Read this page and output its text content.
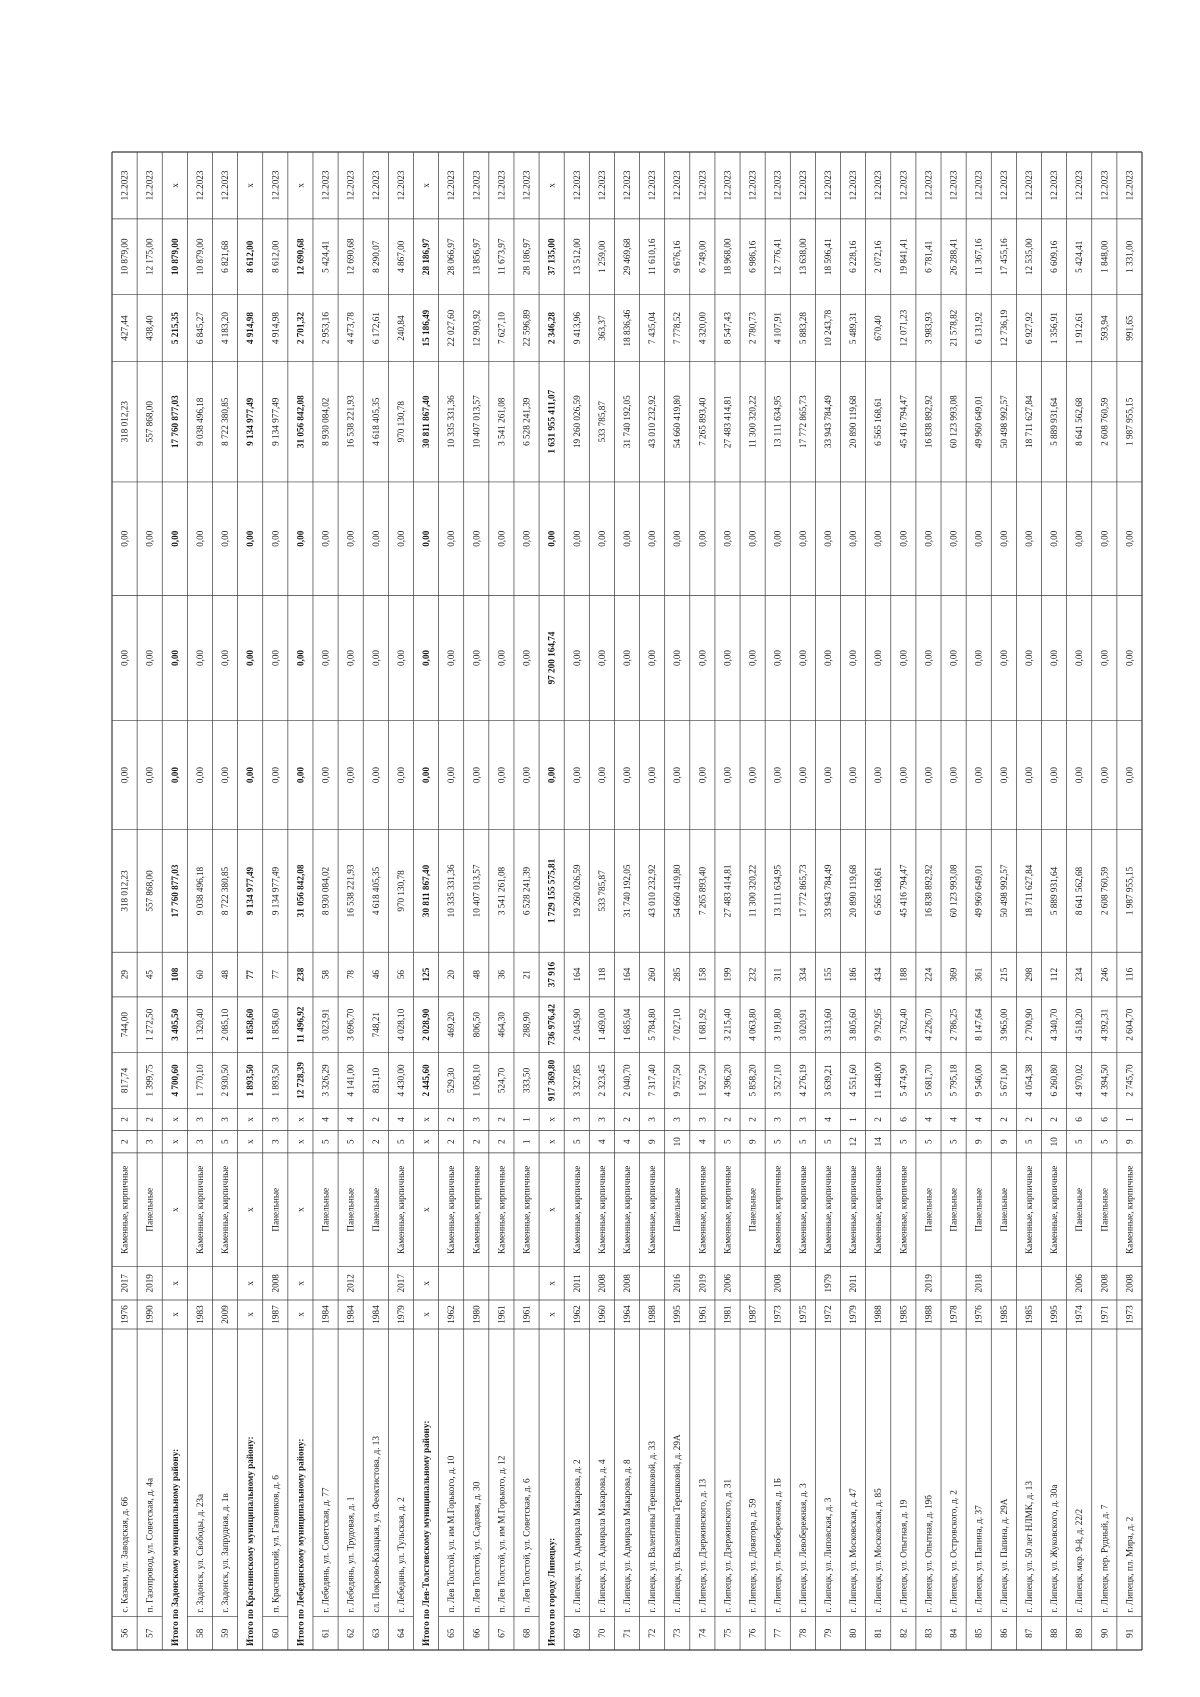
56
с. Казаки, ул. Заводская, д. 66
1976
2017
Каменные, кирпичные
2
2
817,74
744,00
29
318 012,23
0,00
0,00
0,00
318 012,23
427,44
10 879,00
12.2023
57
п. Газопровод, ул. Советская, д. 4а
1990
2019
Панельные
3
2
1 399,75
1 272,50
45
557 868,00
0,00
0,00
0,00
557 868,00
438,40
12 175,00
12.2023
Итого по Задонскому муниципальному району:
x
x
x
x
x
4 700,60
3 405,50
108
17 760 877,03
0,00
0,00
0,00
17 760 877,03
5 215,35
10 879,00
x
58
г. Задонск, ул. Свободы, д. 23а
1983
Каменные, кирпичные
3
3
1 770,10
1 320,40
60
9 038 496,18
0,00
0,00
0,00
9 038 496,18
6 845,27
10 879,00
12.2023
59
г. Задонск, ул. Запрудная, д. 1в
2009
Каменные, кирпичные
5
3
2 930,50
2 085,10
48
8 722 380,85
0,00
0,00
0,00
8 722 380,85
4 183,20
6 821,68
12.2023
Итого по Краснинскому муниципальному району:
x
x
x
x
x
1 893,50
1 858,60
77
9 134 977,49
0,00
0,00
0,00
9 134 977,49
4 914,98
8 612,00
x
60
п. Краснинский, ул. Газовиков, д. 6
1987
2008
Панельные
3
3
1 893,50
1 858,60
77
9 134 977,49
0,00
0,00
0,00
9 134 977,49
4 914,98
8 612,00
12.2023
Итого по Лебедянскому муниципальному району:
x
x
x
x
x
12 728,39
11 496,92
238
31 056 842,08
0,00
0,00
0,00
31 056 842,08
2 701,32
12 690,68
x
61
г. Лебедянь, ул. Советская, д. 77
1984
Панельные
5
4
3 326,29
3 023,91
58
8 930 084,02
0,00
0,00
0,00
8 930 084,02
2 953,16
5 424,41
12.2023
62
г. Лебедянь, ул. Трудовая, д. 1
1984
2012
Панельные
5
4
4 141,00
3 696,70
78
16 538 221,93
0,00
0,00
0,00
16 538 221,93
4 473,78
12 690,68
12.2023
63
сл. Покрово-Казацкая, ул. Феоктистова, д. 13
1984
Панельные
2
2
831,10
748,21
46
4 618 405,35
0,00
0,00
0,00
4 618 405,35
6 172,61
8 290,07
12.2023
64
г. Лебедянь, ул. Тульская, д. 2
1979
2017
Каменные, кирпичные
5
4
4 430,00
4 028,10
56
970 130,78
0,00
0,00
0,00
970 130,78
240,84
4 867,00
12.2023
Итого по Лев-Толстовскому муниципальному району:
x
x
x
x
x
2 445,60
2 028,90
125
30 811 867,40
0,00
0,00
0,00
30 811 867,40
15 186,49
28 186,97
x
65
п. Лев Толстой, ул. им М.Горького, д. 10
1962
Каменные, кирпичные
2
2
529,30
469,20
20
10 335 331,36
0,00
0,00
0,00
10 335 331,36
22 027,60
28 066,97
12.2023
66
п. Лев Толстой, ул. Садовая, д. 30
1980
Каменные, кирпичные
2
3
1 058,10
806,50
48
10 407 013,57
0,00
0,00
0,00
10 407 013,57
12 903,92
13 856,97
12.2023
67
п. Лев Толстой, ул. им М.Горького, д. 12
1961
Каменные, кирпичные
2
2
524,70
464,30
36
3 541 261,08
0,00
0,00
0,00
3 541 261,08
7 627,10
11 673,97
12.2023
68
п. Лев Толстой, ул. Советская, д. 6
1961
Каменные, кирпичные
1
1
333,50
288,90
21
6 528 241,39
0,00
0,00
0,00
6 528 241,39
22 596,89
28 186,97
12.2023
Итого по городу Липецку:
x
x
x
x
x
917 369,80
736 976,42
37 916
1 729 155 575,81
0,00
97 200 164,74
0,00
1 631 955 411,07
2 346,28
37 135,00
x
69
г. Липецк, ул. Адмирала Макарова, д. 2
1962
2011
Каменные, кирпичные
5
3
3 327,85
2 045,90
164
19 260 026,59
0,00
0,00
0,00
19 260 026,59
9 413,96
13 512,00
12.2023
70
г. Липецк, ул. Адмирала Макарова, д. 4
1960
2008
Каменные, кирпичные
4
3
2 323,45
1 469,00
118
533 785,87
0,00
0,00
0,00
533 785,87
363,37
1 259,00
12.2023
71
г. Липецк, ул. Адмирала Макарова, д. 8
1964
2008
Каменные, кирпичные
4
2
2 040,70
1 685,04
164
31 740 192,05
0,00
0,00
0,00
31 740 192,05
18 836,46
29 469,68
12.2023
72
г. Липецк, ул. Валентины Терешковой, д. 33
1988
Каменные, кирпичные
9
3
7 317,40
5 784,80
260
43 010 232,92
0,00
0,00
0,00
43 010 232,92
7 435,04
11 610,16
12.2023
73
г. Липецк, ул. Валентины Терешковой, д. 29А
1995
2016
Панельные
10
3
9 757,50
7 027,10
285
54 660 419,80
0,00
0,00
0,00
54 660 419,80
7 778,52
9 676,16
12.2023
74
г. Липецк, ул. Дзержинского, д. 13
1961
2019
Каменные, кирпичные
4
3
1 927,50
1 681,92
158
7 265 893,40
0,00
0,00
0,00
7 265 893,40
4 320,00
6 749,00
12.2023
75
г. Липецк, ул. Дзержинского, д. 31
1981
2006
Каменные, кирпичные
5
2
4 396,20
3 215,40
199
27 483 414,81
0,00
0,00
0,00
27 483 414,81
8 547,43
18 968,00
12.2023
76
г. Липецк, ул. Доватора, д. 59
1987
Панельные
9
2
5 858,20
4 063,80
232
11 300 320,22
0,00
0,00
0,00
11 300 320,22
2 780,73
6 986,16
12.2023
77
г. Липецк, ул. Левобережная, д. 1Б
1973
2008
Каменные, кирпичные
5
3
3 527,10
3 191,80
311
13 111 634,95
0,00
0,00
0,00
13 111 634,95
4 107,91
12 776,41
12.2023
78
г. Липецк, ул. Левобережная, д. 3
1975
Каменные, кирпичные
5
3
4 276,19
3 020,91
334
17 772 865,73
0,00
0,00
0,00
17 772 865,73
5 883,28
13 638,00
12.2023
79
г. Липецк, ул. Липовская, д. 3
1972
1979
Каменные, кирпичные
5
4
3 639,21
3 313,60
155
33 943 784,49
0,00
0,00
0,00
33 943 784,49
10 243,78
18 596,41
12.2023
80
г. Липецк, ул. Московская, д. 47
1979
2011
Каменные, кирпичные
12
1
4 551,60
3 805,60
186
20 890 119,68
0,00
0,00
0,00
20 890 119,68
5 489,31
6 228,16
12.2023
81
г. Липецк, ул. Московская, д. 85
1988
Каменные, кирпичные
14
2
11 448,00
9 792,95
434
6 565 168,61
0,00
0,00
0,00
6 565 168,61
670,40
2 072,16
12.2023
82
г. Липецк, ул. Опытная, д. 19
1985
Каменные, кирпичные
5
6
5 474,90
3 762,40
188
45 416 794,47
0,00
0,00
0,00
45 416 794,47
12 071,23
19 841,41
12.2023
83
г. Липецк, ул. Опытная, д. 19б
1988
2019
Панельные
5
4
5 681,70
4 226,70
224
16 838 892,92
0,00
0,00
0,00
16 838 892,92
3 983,93
6 781,41
12.2023
84
г. Липецк, ул. Островского, д. 2
1978
Панельные
5
4
5 795,18
2 786,25
369
60 123 993,08
0,00
0,00
0,00
60 123 993,08
21 578,82
26 288,41
12.2023
85
г. Липецк, ул. Папина, д. 37
1976
2018
Панельные
9
4
9 546,00
8 147,64
361
49 960 649,01
0,00
0,00
0,00
49 960 649,01
6 131,92
11 367,16
12.2023
86
г. Липецк, ул. Папина, д. 29А
1985
Панельные
9
2
5 671,00
3 965,00
215
50 498 992,57
0,00
0,00
0,00
50 498 992,57
12 736,19
17 455,16
12.2023
87
г. Липецк, ул. 50 лет НЛМК, д. 13
1985
Каменные, кирпичные
5
2
4 054,38
2 700,90
298
18 711 627,84
0,00
0,00
0,00
18 711 627,84
6 927,92
12 535,00
12.2023
88
г. Липецк, ул. Жуковского, д. 30а
1995
Каменные, кирпичные
10
2
6 260,80
4 340,70
112
5 889 931,64
0,00
0,00
0,00
5 889 931,64
1 356,91
6 609,16
12.2023
89
г. Липецк, мкр. 9-й, д. 22/2
1974
2006
Панельные
5
6
4 970,02
4 518,20
234
8 641 562,68
0,00
0,00
0,00
8 641 562,68
1 912,61
5 424,41
12.2023
90
г. Липецк, пер. Рудный, д. 7
1971
2008
Панельные
5
6
4 394,50
4 392,31
246
2 608 760,59
0,00
0,00
0,00
2 608 760,59
593,94
1 848,00
12.2023
91
г. Липецк, пл. Мира, д. 2
1973
2008
Каменные, кирпичные
9
1
2 745,70
2 604,70
116
1 987 955,15
0,00
0,00
0,00
1 987 955,15
991,65
1 331,00
12.2023
